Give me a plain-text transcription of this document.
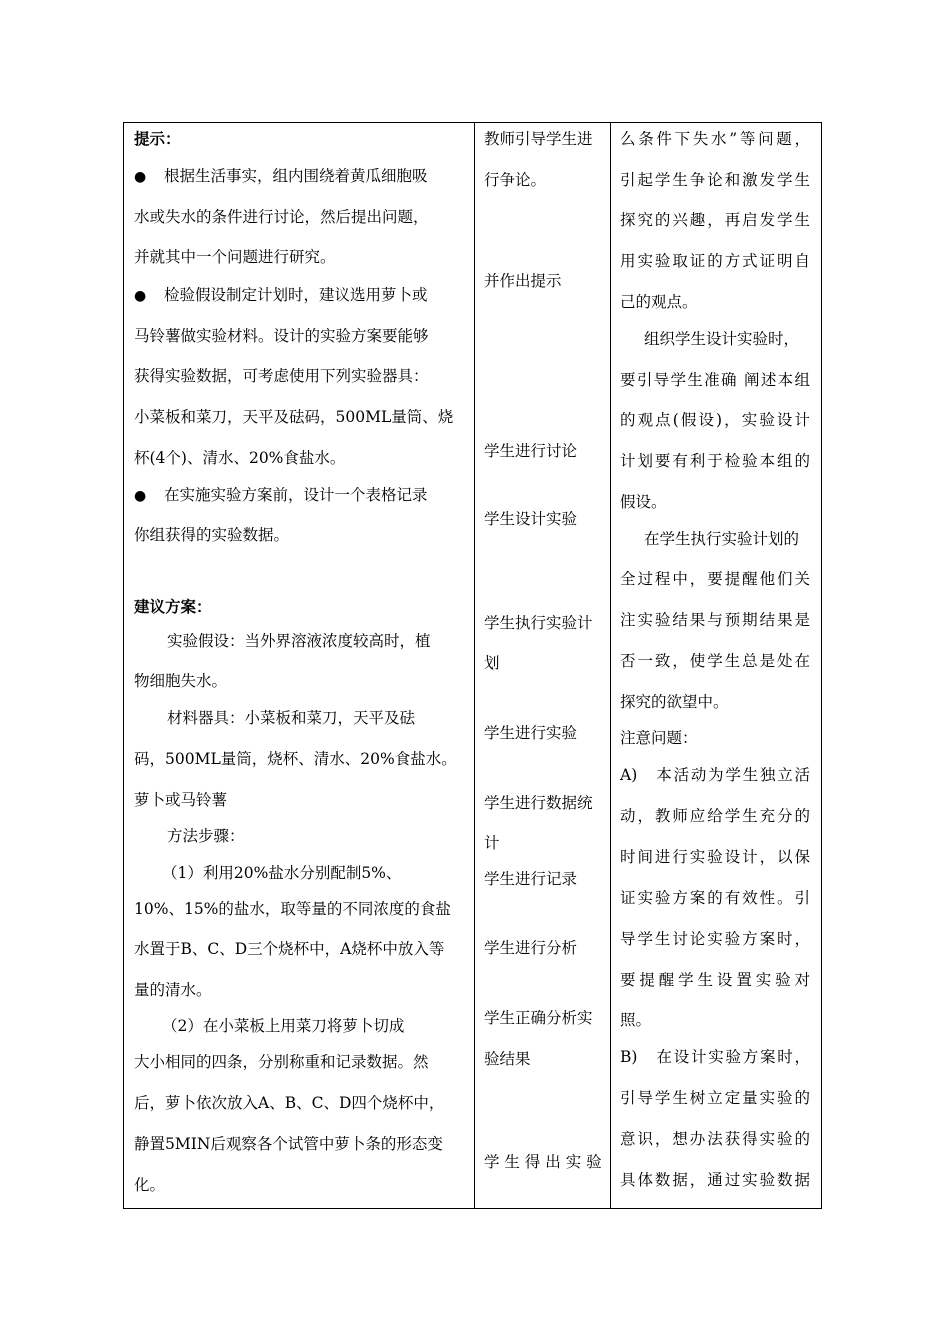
提示：
● 根据生活事实，组内围绕着黄瓜细胞吸
水或失水的条件进行讨论，然后提出问题，
并就其中一个问题进行研究。
● 检验假设制定计划时，建议选用萝卜或
马铃薯做实验材料。设计的实验方案要能够
获得实验数据，可考虑使用下列实验器具：
小菜板和菜刀，天平及砝码，500ML量筒、烧
杯(4个)、清水、20%食盐水。
● 在实施实验方案前，设计一个表格记录
你组获得的实验数据。
建议方案：
实验假设：当外界溶液浓度较高时，植
物细胞失水。
材料器具：小菜板和菜刀，天平及砝
码，500ML量筒，烧杯、清水、20%食盐水。
萝卜或马铃薯
方法步骤：
（1）利用20%盐水分别配制5%、
10%、15%的盐水，取等量的不同浓度的食盐
水置于B、C、D三个烧杯中，A烧杯中放入等
量的清水。
（2）在小菜板上用菜刀将萝卜切成
大小相同的四条，分别称重和记录数据。然
后，萝卜依次放入A、B、C、D四个烧杯中，
静置5MIN后观察各个试管中萝卜条的形态变
化。
教师引导学生进
行争论。
并作出提示
学生进行讨论
学生设计实验
学生执行实验计
划
学生进行实验
学生进行数据统
计
学生进行记录
学生进行分析
学生正确分析实
验结果
学 生 得 出 实 验
么条件下失水”等问题，
引起学生争论和激发学生
探究的兴趣，再启发学生
用实验取证的方式证明自
己的观点。
组织学生设计实验时，
要引导学生准确 阐述本组
的观点(假设)，实验设计
计划要有利于检验本组的
假设。
在学生执行实验计划的
全过程中，要提醒他们关
注实验结果与预期结果是
否一致，使学生总是处在
探究的欲望中。
注意问题：
A)　本活动为学生独立活
动，教师应给学生充分的
时间进行实验设计，以保
证实验方案的有效性。引
导学生讨论实验方案时，
要提醒学生设置实验对
照。
B)　在设计实验方案时，
引导学生树立定量实验的
意识，想办法获得实验的
具体数据，通过实验数据
